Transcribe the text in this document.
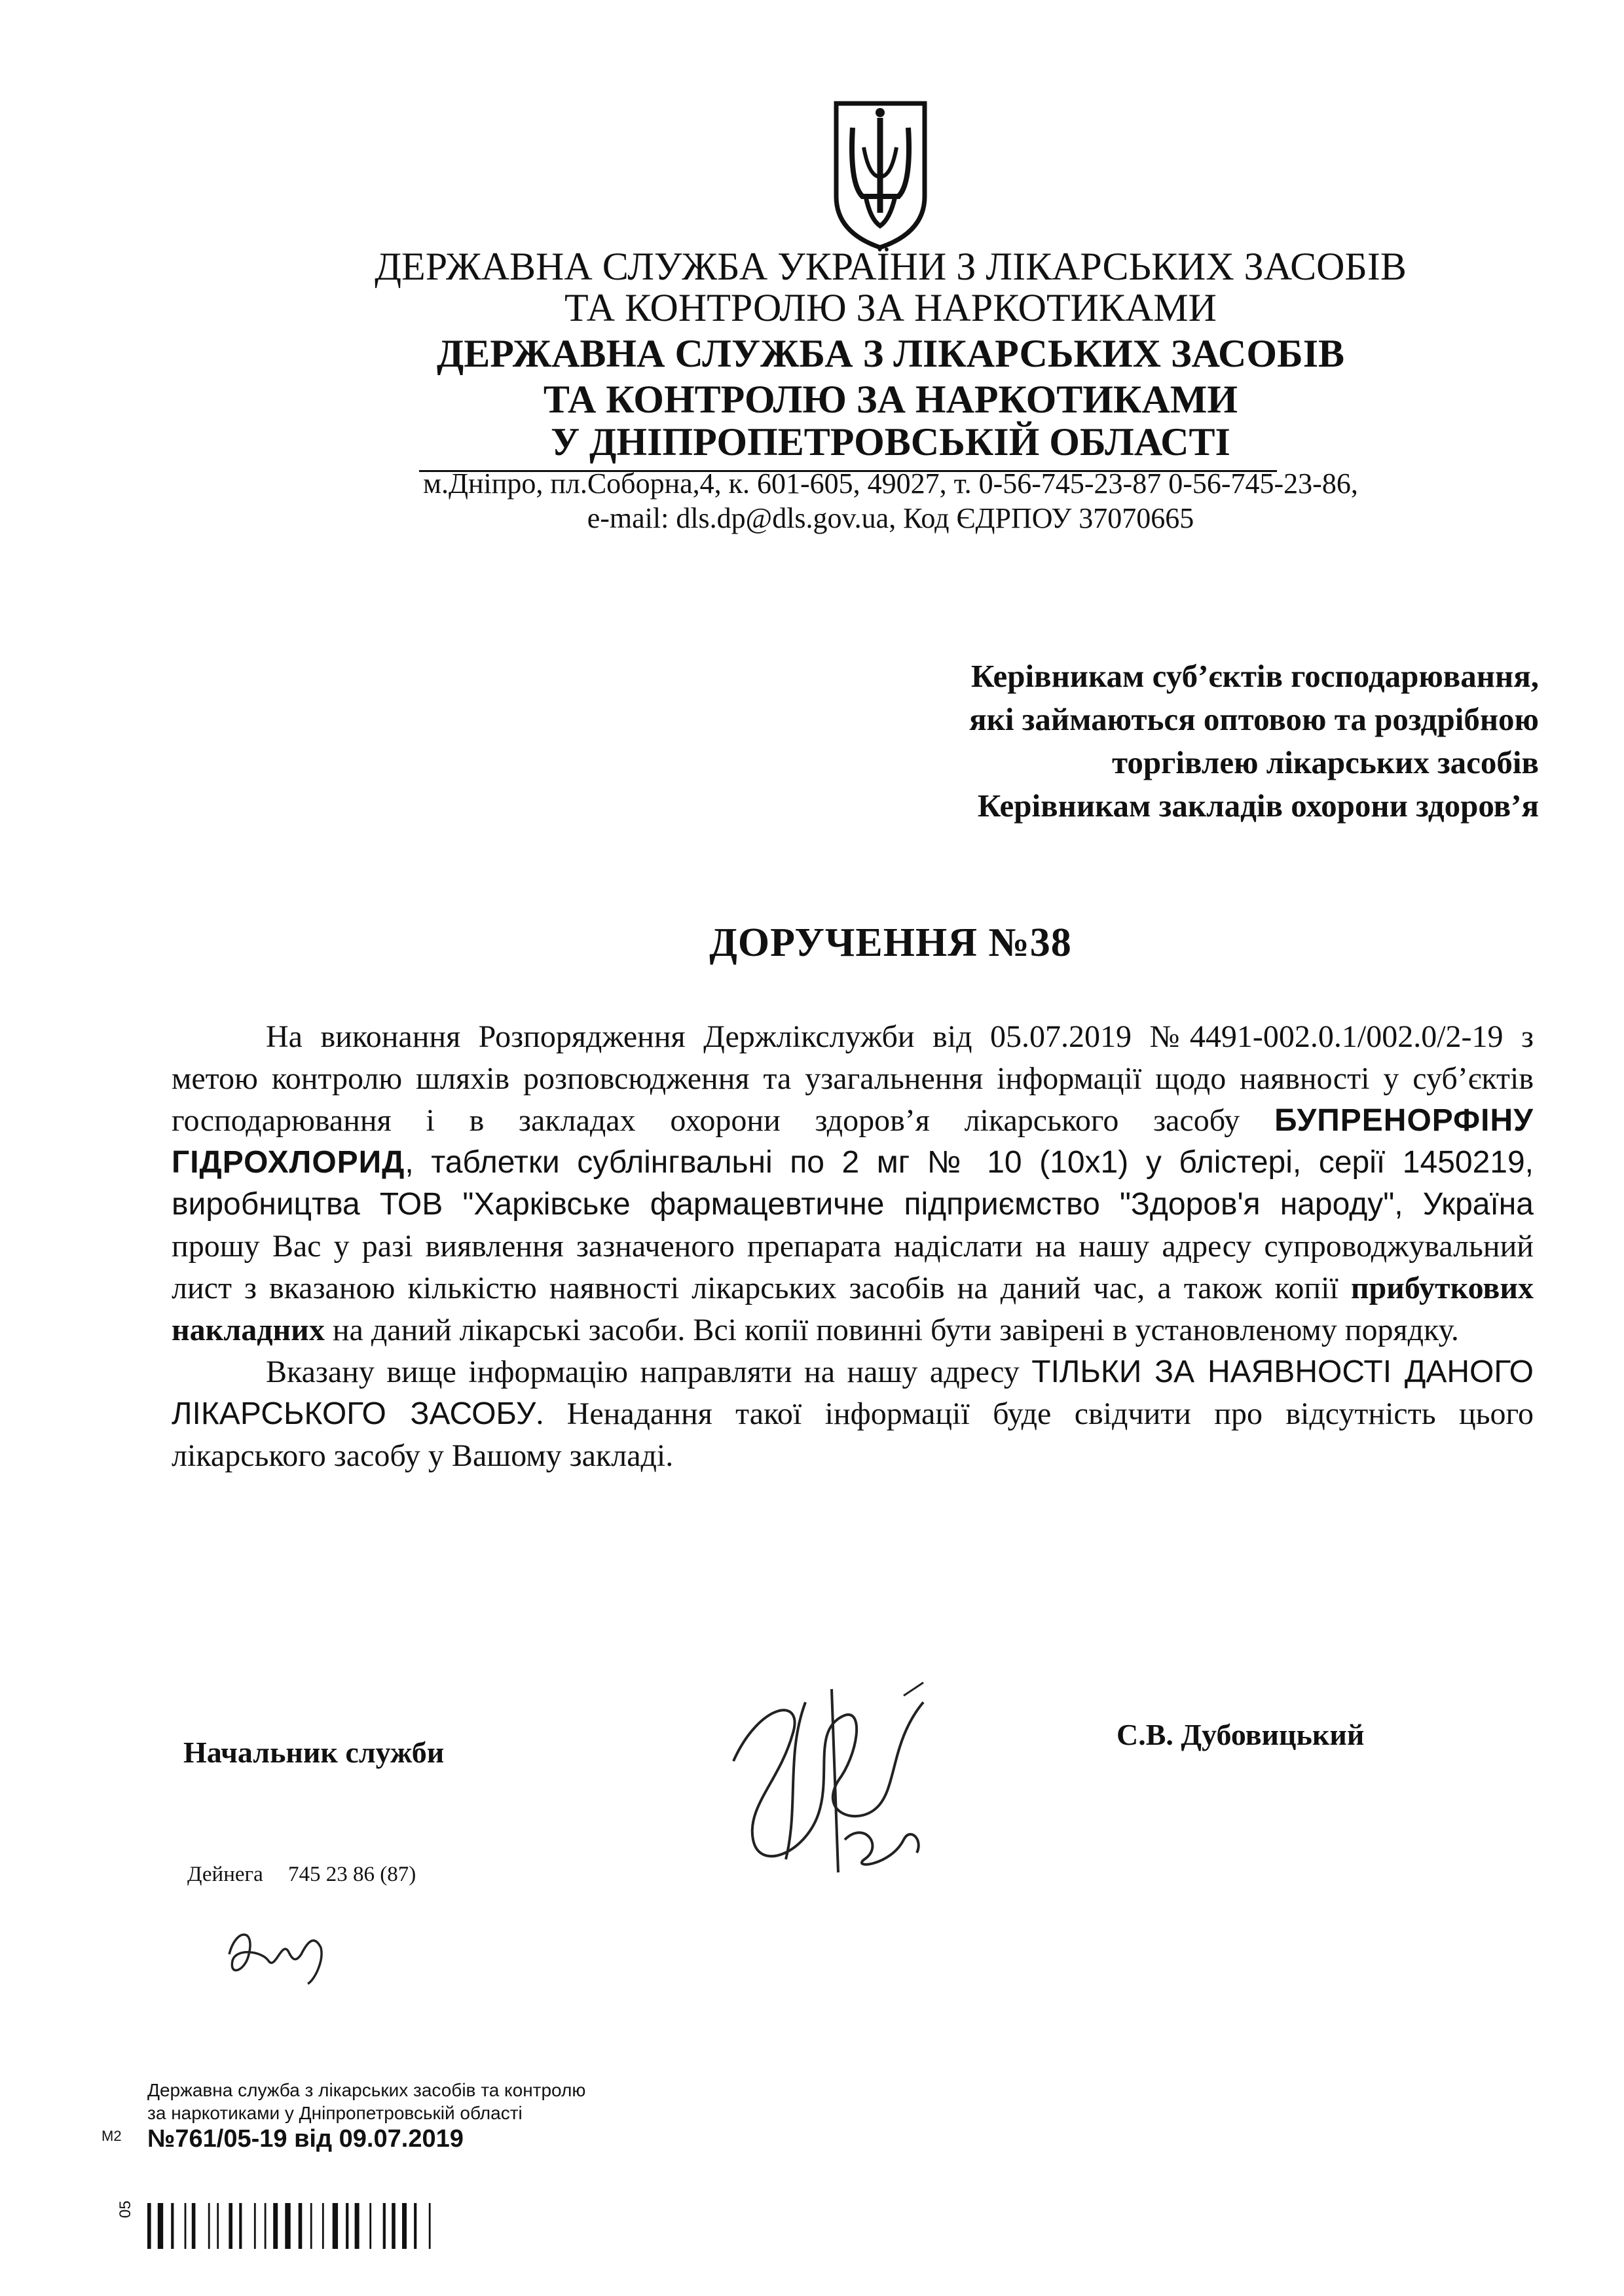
ДЕРЖАВНА СЛУЖБА УКРАЇНИ З ЛІКАРСЬКИХ ЗАСОБІВ
ТА КОНТРОЛЮ ЗА НАРКОТИКАМИ
ДЕРЖАВНА СЛУЖБА З ЛІКАРСЬКИХ ЗАСОБІВ
ТА КОНТРОЛЮ ЗА НАРКОТИКАМИ
У ДНІПРОПЕТРОВСЬКІЙ ОБЛАСТІ
м.Дніпро, пл.Соборна,4, к. 601-605, 49027, т. 0-56-745-23-87 0-56-745-23-86,
e-mail: dls.dp@dls.gov.ua, Код ЄДРПОУ 37070665
Керівникам суб’єктів господарювання,
які займаються оптовою та роздрібною
торгівлею лікарських засобів
Керівникам закладів охорони здоров’я
ДОРУЧЕННЯ №38

На виконання Розпорядження Держлікслужби від 05.07.2019 №4491-002.0.1/002.0/2-19 з метою контролю шляхів розповсюдження та узагальнення інформації щодо наявності у суб’єктів господарювання і в закладах охорони здоров’я лікарського засобу БУПРЕНОРФІНУ ГІДРОХЛОРИД, таблетки сублінгвальні по 2 мг № 10 (10х1) у блістері, серії 1450219, виробництва ТОВ "Харківське фармацевтичне підприємство "Здоров'я народу", Україна прошу Вас у разі виявлення зазначеного препарата надіслати на нашу адресу супроводжувальний лист з вказаною кількістю наявності лікарських засобів на даний час, а також копії прибуткових накладних на даний лікарські засоби. Всі копії повинні бути завірені в установленому порядку.

Вказану вище інформацію направляти на нашу адресу ТІЛЬКИ ЗА НАЯВНОСТІ ДАНОГО ЛІКАРСЬКОГО ЗАСОБУ. Ненадання такої інформації буде свідчити про відсутність цього лікарського засобу у Вашому закладі.

Начальник служби
С.В. Дубовицький
Дейнега 745 23 86 (87)
Державна служба з лікарських засобів та контролю
M2
за наркотиками у Дніпропетровській області
№761/05-19 від 09.07.2019
05
